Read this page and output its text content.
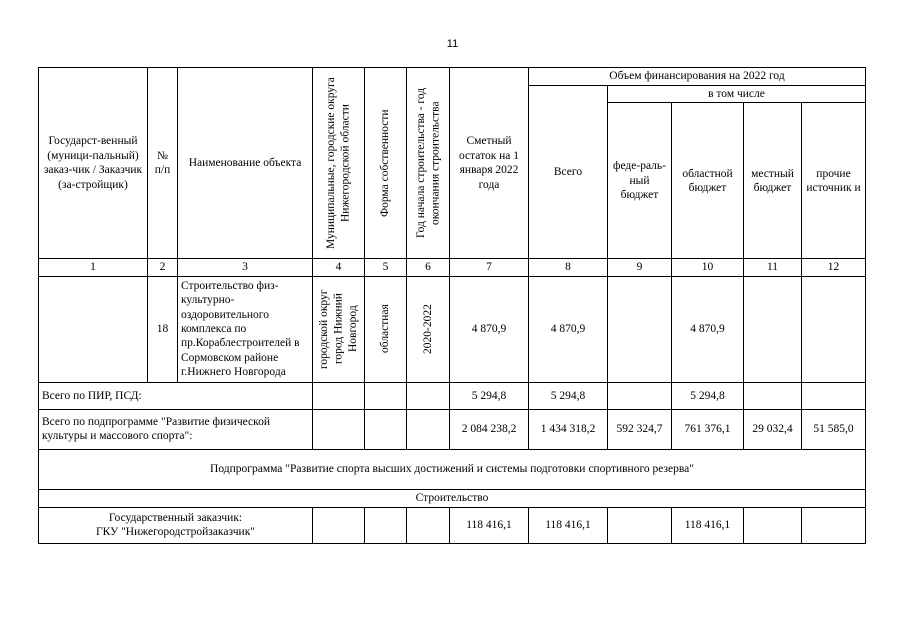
11
Государст-венный (муници-пальный) заказ-чик / Заказчик (за-стройщик)	№ п/п	Наименование объекта	Муниципальные, городские округа Нижегородской области	Форма собственности	Год начала строительства - год окончания строительства	Сметный остаток на 1 января 2022 года	Объем финансирования на 2022 год				
							Всего	в том числе			
								феде-раль-ный бюджет	областной бюджет	местный бюджет	прочие источник и
1	2	3	4	5	6	7	8	9	10	11	12
	18	Строительство физ-культурно-оздоровительного комплекса по пр.Кораблестроителей в Сормовском районе г.Нижнего Новгорода	городской округ город Нижний Новгород	областная	2020-2022	4 870,9	4 870,9		4 870,9		
Всего по ПИР, ПСД:						5 294,8	5 294,8		5 294,8		
Всего по подпрограмме "Развитие физической культуры и массового спорта":						2 084 238,2	1 434 318,2	592 324,7	761 376,1	29 032,4	51 585,0
Подпрограмма "Развитие спорта высших достижений и системы подготовки спортивного резерва"											
Строительство											

Государственный заказчик:
ГКУ "Нижегородстройзаказчик"						118 416,1	118 416,1		118 416,1		
